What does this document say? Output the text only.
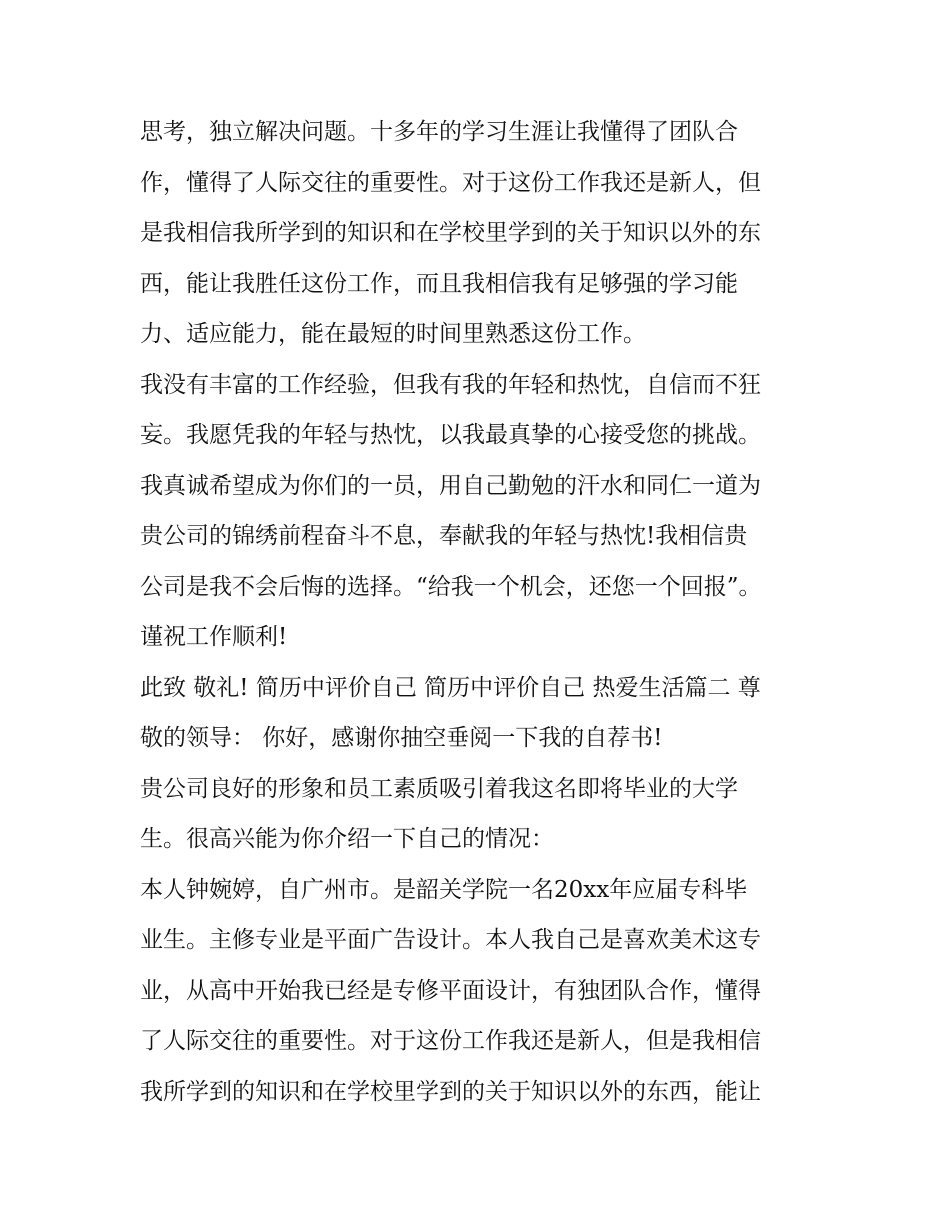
思考，独立解决问题。十多年的学习生涯让我懂得了团队合
作，懂得了人际交往的重要性。对于这份工作我还是新人，但
是我相信我所学到的知识和在学校里学到的关于知识以外的东
西，能让我胜任这份工作，而且我相信我有足够强的学习能
力、适应能力，能在最短的时间里熟悉这份工作。
我没有丰富的工作经验，但我有我的年轻和热忱，自信而不狂
妄。我愿凭我的年轻与热忱，以我最真挚的心接受您的挑战。
我真诚希望成为你们的一员，用自己勤勉的汗水和同仁一道为
贵公司的锦绣前程奋斗不息，奉献我的年轻与热忱!我相信贵
公司是我不会后悔的选择。“给我一个机会，还您一个回报”。
谨祝工作顺利!
此致 敬礼! 简历中评价自己 简历中评价自己 热爱生活篇二 尊
敬的领导： 你好，感谢你抽空垂阅一下我的自荐书!
贵公司良好的形象和员工素质吸引着我这名即将毕业的大学
生。很高兴能为你介绍一下自己的情况：
本人钟婉婷，自广州市。是韶关学院一名20xx年应届专科毕
业生。主修专业是平面广告设计。本人我自己是喜欢美术这专
业，从高中开始我已经是专修平面设计，有独团队合作，懂得
了人际交往的重要性。对于这份工作我还是新人，但是我相信
我所学到的知识和在学校里学到的关于知识以外的东西，能让
